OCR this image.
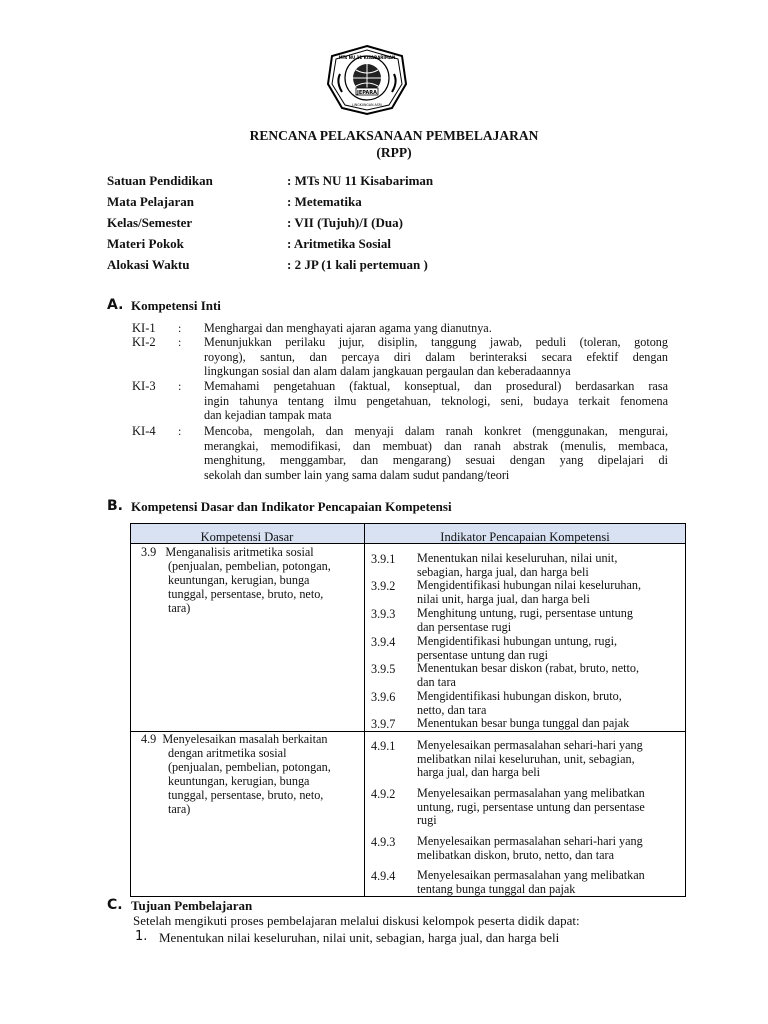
JEPARA
MTs NU 11 KISABARIMAN
LINGKUNGAN ASRI
RENCANA PELAKSANAAN PEMBELAJARAN
(RPP)
Satuan Pendidikan	: MTs NU 11 Kisabariman
Mata Pelajaran	: Metematika
Kelas/Semester	: VII (Tujuh)/I (Dua)
Materi Pokok	: Aritmetika Sosial
Alokasi Waktu	: 2 JP (1 kali pertemuan )
A. Kompetensi Inti
KI-1 : Menghargai dan menghayati ajaran agama yang dianutnya.
KI-2 : Menunjukkan perilaku jujur, disiplin, tanggung jawab, peduli (toleran, gotong
royong), santun, dan percaya diri dalam berinteraksi secara efektif dengan
lingkungan sosial dan alam dalam jangkauan pergaulan dan keberadaannya
KI-3 : Memahami pengetahuan (faktual, konseptual, dan prosedural) berdasarkan rasa
ingin tahunya tentang ilmu pengetahuan, teknologi, seni, budaya terkait fenomena
dan kejadian tampak mata
KI-4 : Mencoba, mengolah, dan menyaji dalam ranah konkret (menggunakan, mengurai,
merangkai, memodifikasi, dan membuat) dan ranah abstrak (menulis, membaca,
menghitung, menggambar, dan mengarang) sesuai dengan yang dipelajari di
sekolah dan sumber lain yang sama dalam sudut pandang/teori
B. Kompetensi Dasar dan Indikator Pencapaian Kompetensi
Kompetensi Dasar	Indikator Pencapaian Kompetensi
3.9   Menganalisis aritmetika sosial
(penjualan, pembelian, potongan,
keuntungan, kerugian, bunga
tunggal, persentase, bruto, neto,
tara)
3.9.1 Menentukan nilai keseluruhan, nilai unit,
sebagian, harga jual, dan harga beli
3.9.2 Mengidentifikasi hubungan nilai keseluruhan,
nilai unit, harga jual, dan harga beli
3.9.3 Menghitung untung, rugi, persentase untung
dan persentase rugi
3.9.4 Mengidentifikasi hubungan untung, rugi,
persentase untung dan rugi
3.9.5 Menentukan besar diskon (rabat, bruto, netto,
dan tara
3.9.6 Mengidentifikasi hubungan diskon, bruto,
netto, dan tara
3.9.7 Menentukan besar bunga tunggal dan pajak
4.9  Menyelesaikan masalah berkaitan
dengan aritmetika sosial
(penjualan, pembelian, potongan,
keuntungan, kerugian, bunga
tunggal, persentase, bruto, neto,
tara)
4.9.1 Menyelesaikan permasalahan sehari-hari yang
melibatkan nilai keseluruhan, unit, sebagian,
harga jual, dan harga beli
4.9.2 Menyelesaikan permasalahan yang melibatkan
untung, rugi, persentase untung dan persentase
rugi
4.9.3 Menyelesaikan permasalahan sehari-hari yang
melibatkan diskon, bruto, netto, dan tara
4.9.4 Menyelesaikan permasalahan yang melibatkan
tentang bunga tunggal dan pajak
C. Tujuan Pembelajaran
Setelah mengikuti proses pembelajaran melalui diskusi kelompok peserta didik dapat:
1. Menentukan nilai keseluruhan, nilai unit, sebagian, harga jual, dan harga beli
